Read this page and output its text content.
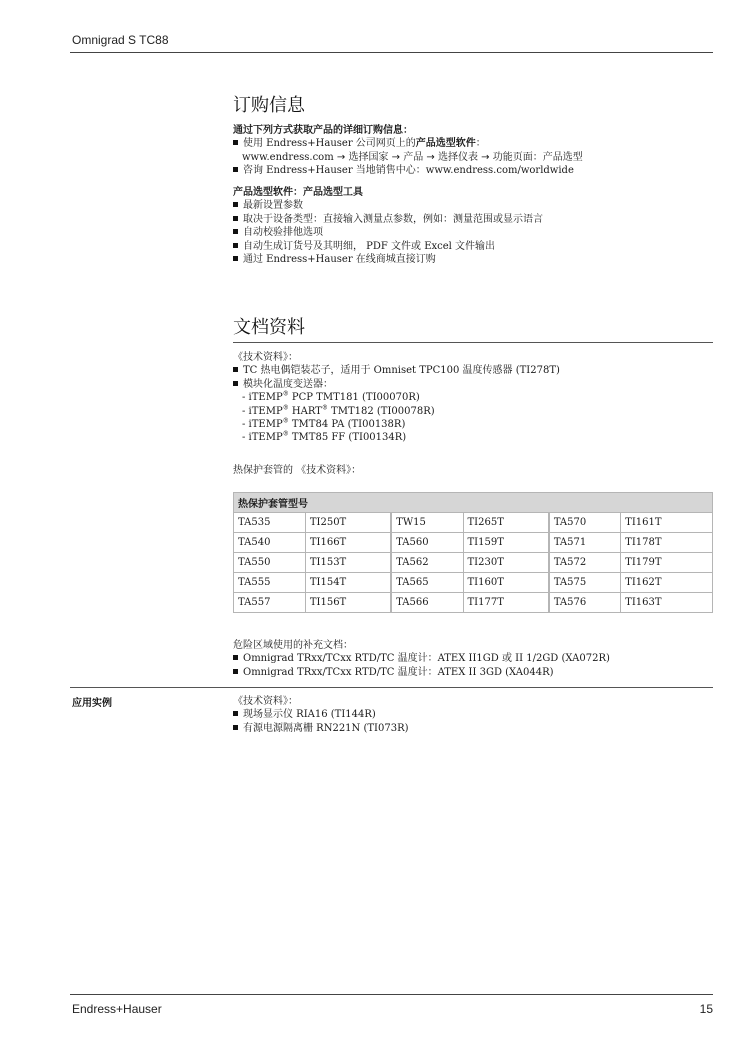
Omnigrad S TC88
订购信息
通过下列方式获取产品的详细订购信息：
使用 Endress+Hauser 公司网页上的产品选型软件：
www.endress.com → 选择国家 → 产品 → 选择仪表 → 功能页面：产品选型
咨询 Endress+Hauser 当地销售中心：www.endress.com/worldwide
产品选型软件：产品选型工具
最新设置参数
取决于设备类型：直接输入测量点参数，例如：测量范围或显示语言
自动校验排他选项
自动生成订货号及其明细， PDF 文件或 Excel 文件输出
通过 Endress+Hauser 在线商城直接订购
文档资料
《技术资料》：
TC 热电偶铠装芯子，适用于 Omniset TPC100 温度传感器 (TI278T)
模块化温度变送器：
- iTEMP® PCP TMT181 (TI00070R)
- iTEMP® HART® TMT182 (TI00078R)
- iTEMP® TMT84 PA (TI00138R)
- iTEMP® TMT85 FF (TI00134R)
热保护套管的 《技术资料》：
热保护套管型号					
TA535	TI250T	TW15	TI265T	TA570	TI161T
TA540	TI166T	TA560	TI159T	TA571	TI178T
TA550	TI153T	TA562	TI230T	TA572	TI179T
TA555	TI154T	TA565	TI160T	TA575	TI162T
TA557	TI156T	TA566	TI177T	TA576	TI163T
危险区域使用的补充文档：
Omnigrad TRxx/TCxx RTD/TC 温度计：ATEX II1GD 或 II 1/2GD (XA072R)
Omnigrad TRxx/TCxx RTD/TC 温度计：ATEX II 3GD (XA044R)
应用实例	《技术资料》：
现场显示仪 RIA16 (TI144R)
有源电源隔离栅 RN221N (TI073R)
Endress+Hauser	15
